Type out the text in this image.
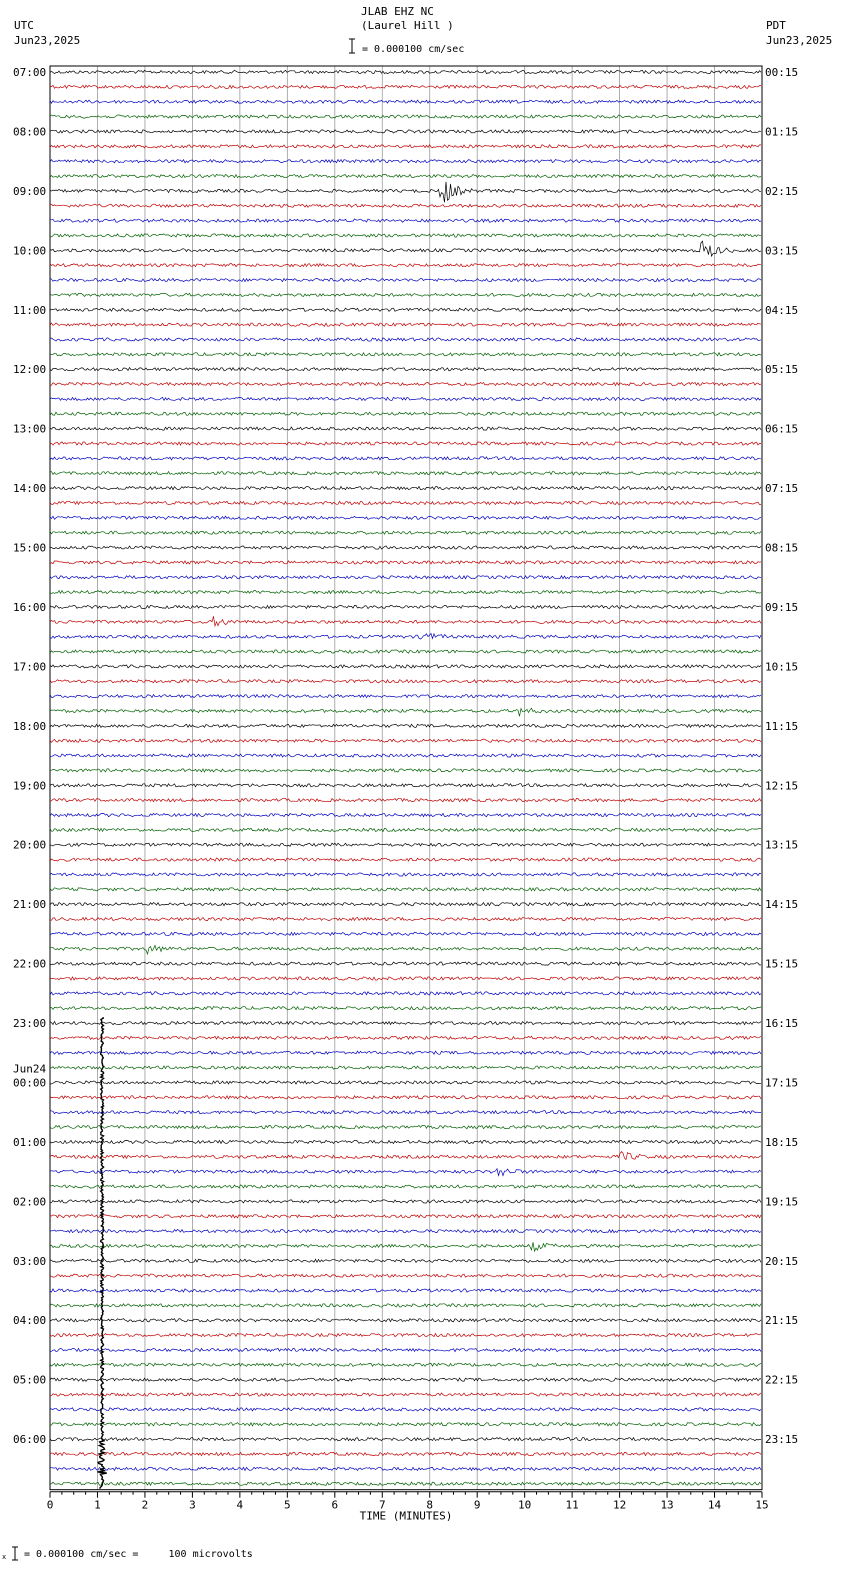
UTC
Jun23,2025
JLAB EHZ NC
(Laurel Hill )
= 0.000100 cm/sec
PDT
Jun23,2025
= 0.000100 cm/sec =     100 microvolts
x
07:00
08:00
09:00
10:00
11:00
12:00
13:00
14:00
15:00
16:00
17:00
18:00
19:00
20:00
21:00
22:00
23:00
00:00
01:00
02:00
03:00
04:00
05:00
06:00
00:15
01:15
02:15
03:15
04:15
05:15
06:15
07:15
08:15
09:15
10:15
11:15
12:15
13:15
14:15
15:15
16:15
17:15
18:15
19:15
20:15
21:15
22:15
23:15
Jun24
0	1	2	3	4	5	6	7	8	9	10	11	12	13	14	15
TIME (MINUTES)
